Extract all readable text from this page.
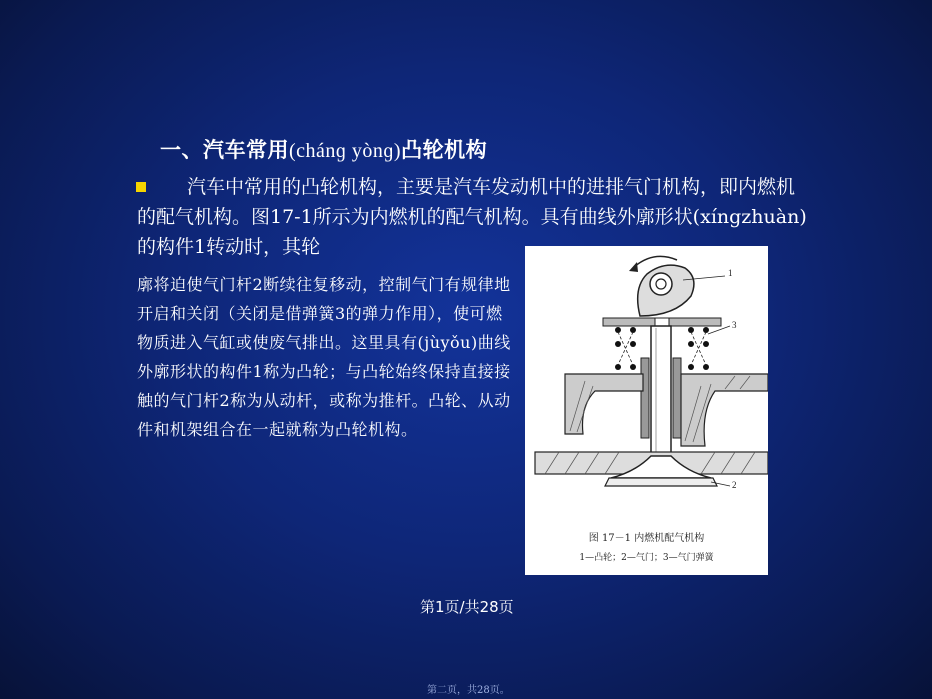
一、汽车常用(chánɡ yònɡ)凸轮机构
汽车中常用的凸轮机构，主要是汽车发动机中的进排气门机构，即内燃机的配气机构。图17-1所示为内燃机的配气机构。具有曲线外廓形状(xíngzhuàn)的构件1转动时，其轮
廓将迫使气门杆2断续往复移动，控制气门有规律地开启和关闭（关闭是借弹簧3的弹力作用），使可燃物质进入气缸或使废气排出。这里具有(jùyǒu)曲线外廓形状的构件1称为凸轮；与凸轮始终保持直接接触的气门杆2称为从动杆，或称为推杆。凸轮、从动件和机架组合在一起就称为凸轮机构。
1
3
2
图 17－1 内燃机配气机构
1—凸轮；2—气门；3—气门弹簧
第1页/共28页
第二页，共28页。
